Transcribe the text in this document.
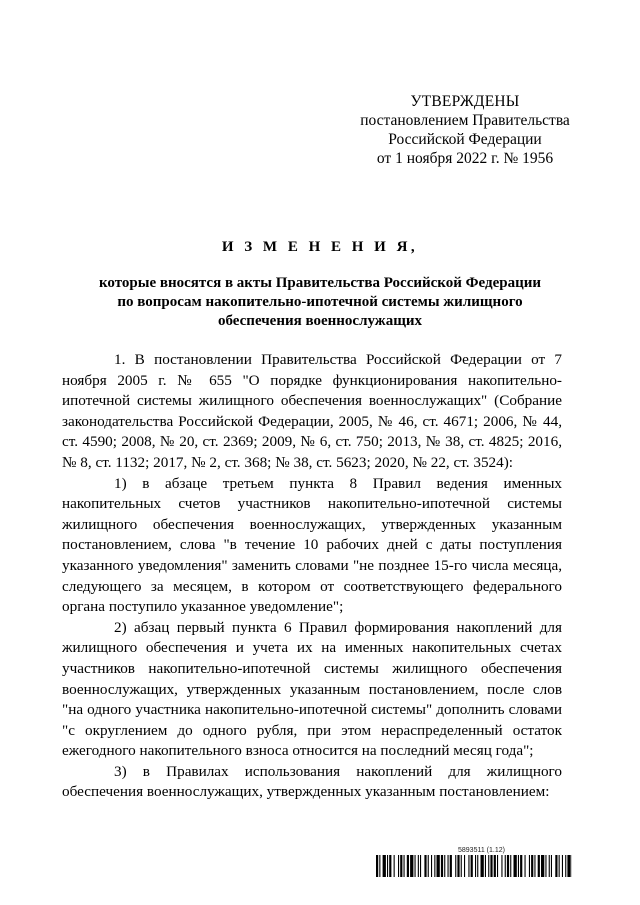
УТВЕРЖДЕНЫ
постановлением Правительства
Российской Федерации
от 1 ноября 2022 г. № 1956
И З М Е Н Е Н И Я,
которые вносятся в акты Правительства Российской Федерации
по вопросам накопительно-ипотечной системы жилищного
обеспечения военнослужащих

1. В постановлении Правительства Российской Федерации от 7 ноября 2005 г. № 655 "О порядке функционирования накопительно-ипотечной системы жилищного обеспечения военнослужащих" (Собрание законодательства Российской Федерации, 2005, № 46, ст. 4671; 2006, № 44, ст. 4590; 2008, № 20, ст. 2369; 2009, № 6, ст. 750; 2013, № 38, ст. 4825; 2016, № 8, ст. 1132; 2017, № 2, ст. 368; № 38, ст. 5623; 2020, № 22, ст. 3524):

1) в абзаце третьем пункта 8 Правил ведения именных накопительных счетов участников накопительно-ипотечной системы жилищного обеспечения военнослужащих, утвержденных указанным постановлением, слова "в течение 10 рабочих дней с даты поступления указанного уведомления" заменить словами "не позднее 15-го числа месяца, следующего за месяцем, в котором от соответствующего федерального органа поступило указанное уведомление";

2) абзац первый пункта 6 Правил формирования накоплений для жилищного обеспечения и учета их на именных накопительных счетах участников накопительно-ипотечной системы жилищного обеспечения военнослужащих, утвержденных указанным постановлением, после слов "на одного участника накопительно-ипотечной системы" дополнить словами "с округлением до одного рубля, при этом нераспределенный остаток ежегодного накопительного взноса относится на последний месяц года";

3) в Правилах использования накоплений для жилищного обеспечения военнослужащих, утвержденных указанным постановлением:

5893511 (1.12)
